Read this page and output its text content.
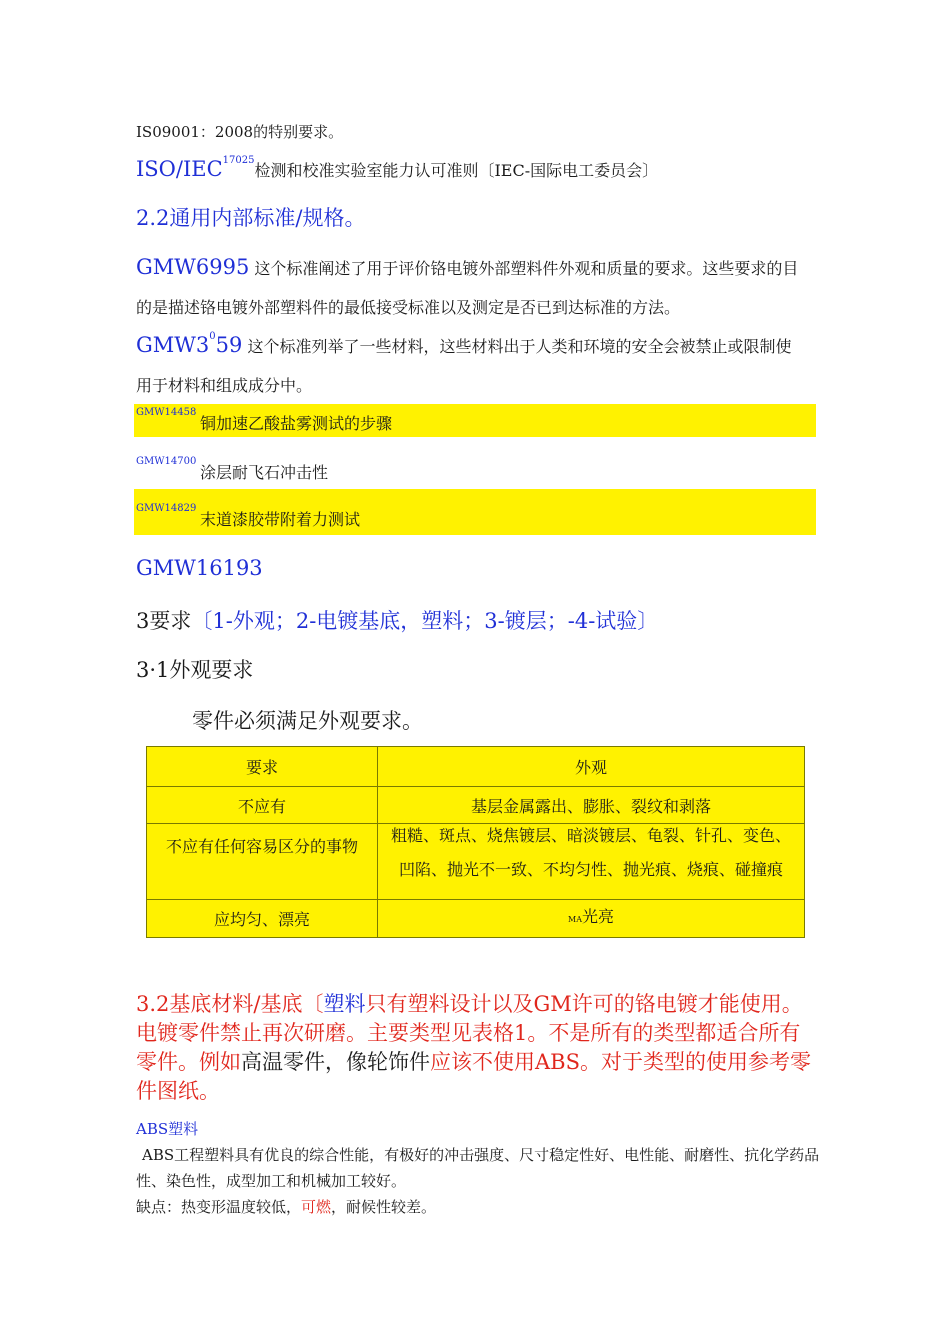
IS09001：2008的特别要求。
ISO/$IEC^{17025}$检测和校准实验室能力认可准则〔IEC-国际电工委员会〕
2.2通用内部标准/规格。
GMW6995 这个标准阐述了用于评价铬电镀外部塑料件外观和质量的要求。这些要求的目
的是描述铬电镀外部塑料件的最低接受标准以及测定是否已到达标准的方法。
$GMW3^059$ 这个标准列举了一些材料，这些材料出于人类和环境的安全会被禁止或限制使
用于材料和组成成分中。
$^{GMW14458}$
铜加速乙酸盐雾测试的步骤
GMW14700
涂层耐飞石冲击性
GMW14829
末道漆胶带附着力测试
GMW16193
3要求〔1-外观；2-电镀基底，塑料；3-镀层；-4-试验〕
3·1外观要求
零件必须满足外观要求。
要求	外观
不应有	基层金属露出、膨胀、裂纹和剥落
不应有任何容易区分的事物	粗糙、斑点、烧焦镀层、暗淡镀层、龟裂、针孔、变色、
凹陷、抛光不一致、不均匀性、抛光痕、烧痕、碰撞痕

应均匀、漂亮	MA光亮
3.2基底材料/基底〔塑料只有塑料设计以及GM许可的铬电镀才能使用。电镀零件禁止再次研磨。主要类型见表格1。不是所有的类型都适合所有零件。例如高温零件，像轮饰件应该不使用ABS。对于类型的使用参考零件图纸。
ABS塑料
ABS工程塑料具有优良的综合性能，有极好的冲击强度、尺寸稳定性好、电性能、耐磨性、抗化学药品性、染色性，成型加工和机械加工较好。
缺点：热变形温度较低，可燃，耐候性较差。
